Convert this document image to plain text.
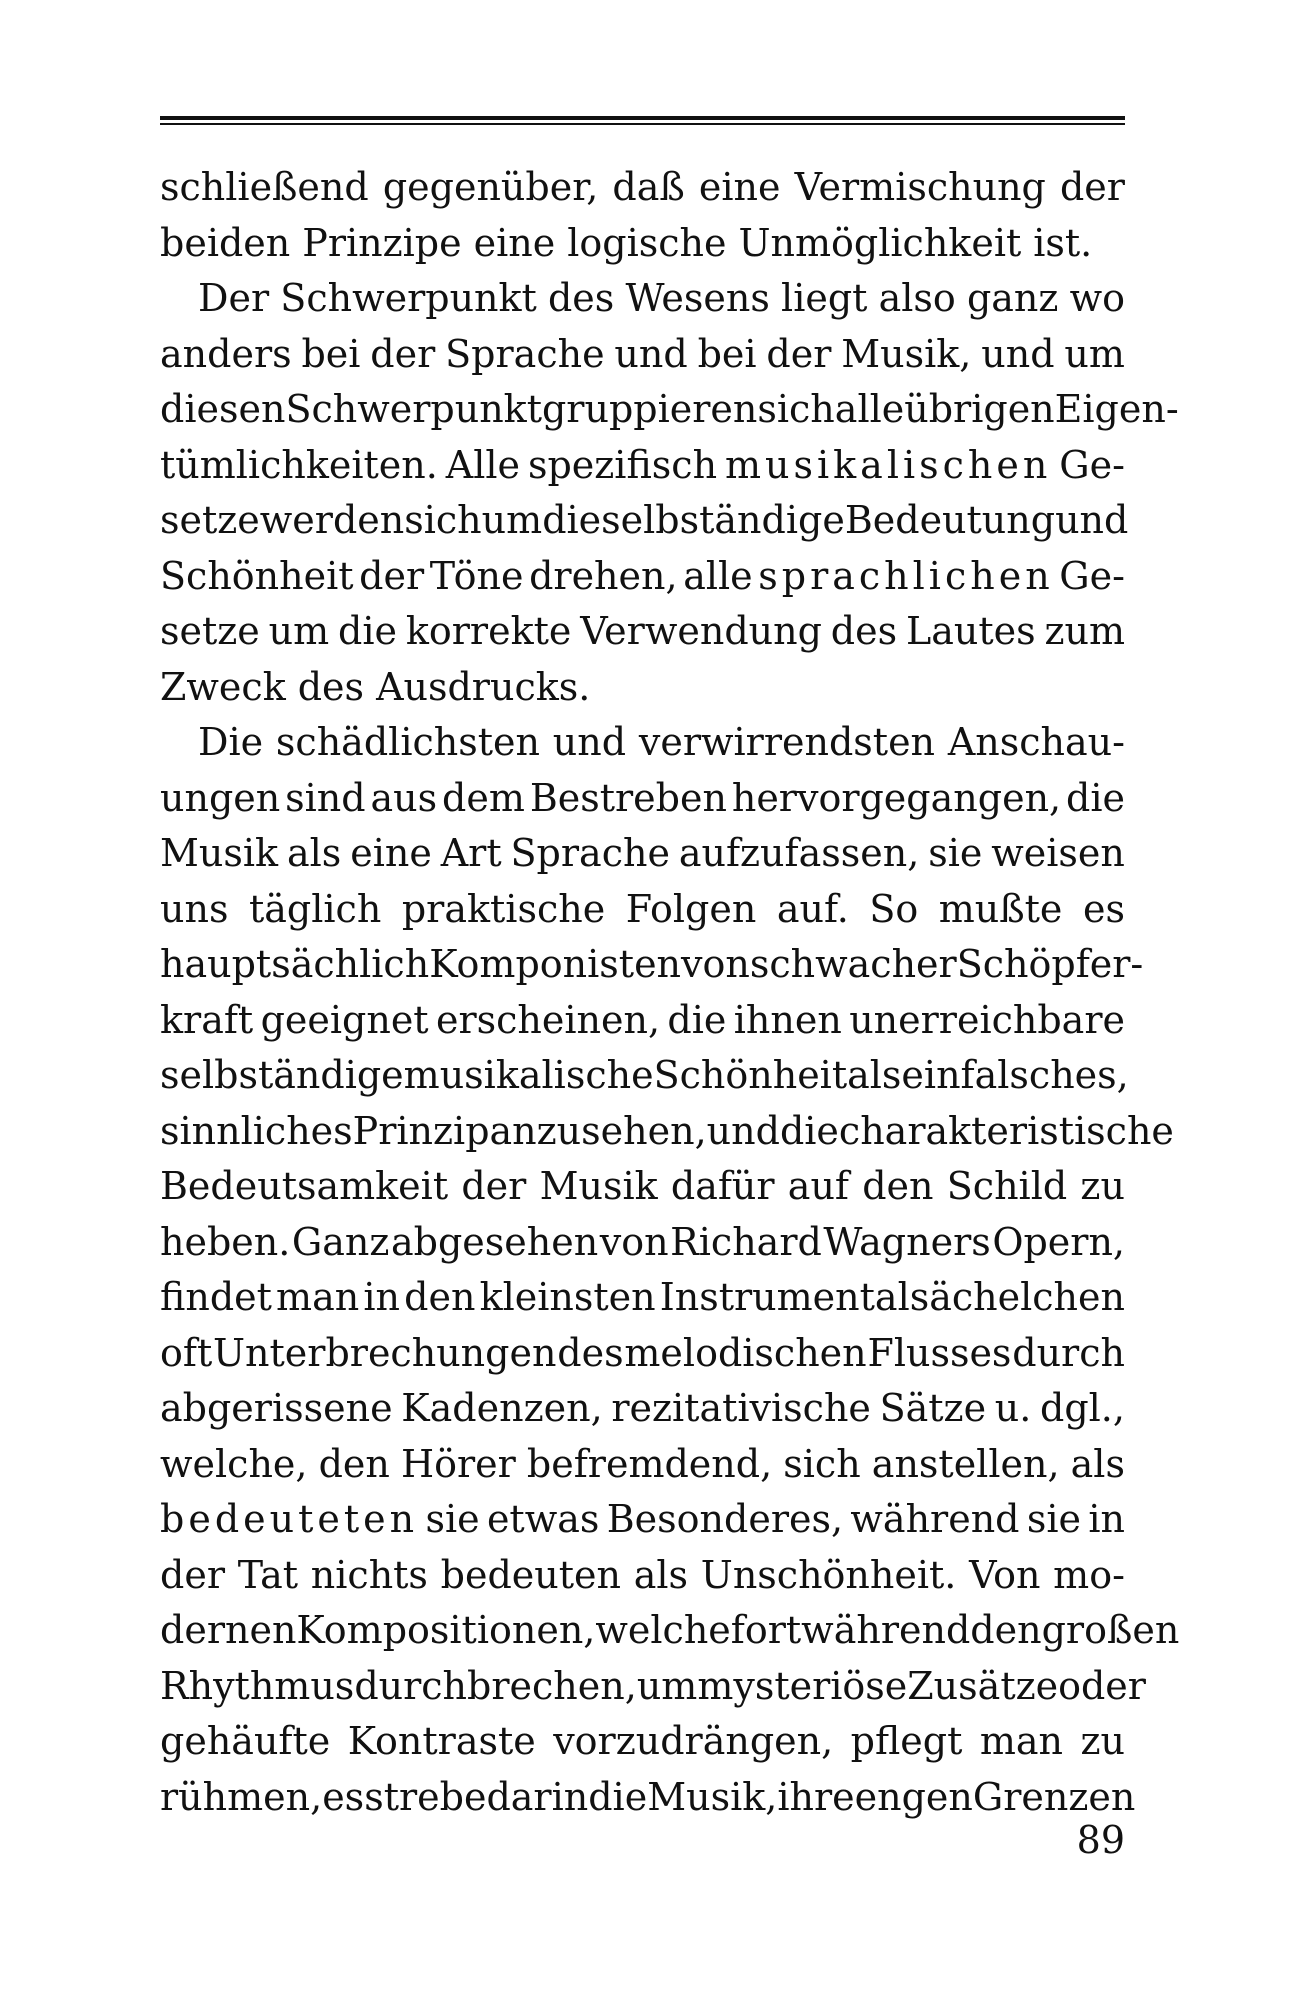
schließend gegenüber, daß eine Vermischung der
beiden Prinzipe eine logische Unmöglichkeit ist.
Der Schwerpunkt des Wesens liegt also ganz wo
anders bei der Sprache und bei der Musik, und um
diesen Schwerpunkt gruppieren sich alle übrigen Eigen-
tümlichkeiten. Alle spezifisch musikalischen Ge-
setze werden sich um die selbständige Bedeutung und
Schönheit der Töne drehen, alle sprachlichen Ge-
setze um die korrekte Verwendung des Lautes zum
Zweck des Ausdrucks.
Die schädlichsten und verwirrendsten Anschau-
ungen sind aus dem Bestreben hervorgegangen, die
Musik als eine Art Sprache aufzufassen, sie weisen
uns täglich praktische Folgen auf. So mußte es
hauptsächlich Komponisten von schwacher Schöpfer-
kraft geeignet erscheinen, die ihnen unerreichbare
selbständige musikalische Schönheit als ein falsches,
sinnliches Prinzip anzusehen, und die charakteristische
Bedeutsamkeit der Musik dafür auf den Schild zu
heben. Ganz abgesehen von Richard Wagners Opern,
findet man in den kleinsten Instrumentalsächelchen
oft Unterbrechungen des melodischen Flusses durch
abgerissene Kadenzen, rezitativische Sätze u. dgl.,
welche, den Hörer befremdend, sich anstellen, als
bedeuteten sie etwas Besonderes, während sie in
der Tat nichts bedeuten als Unschönheit. Von mo-
dernen Kompositionen, welche fortwährend den großen
Rhythmus durchbrechen, um mysteriöse Zusätze oder
gehäufte Kontraste vorzudrängen, pflegt man zu
rühmen, es strebe darin die Musik, ihre engen Grenzen
89
